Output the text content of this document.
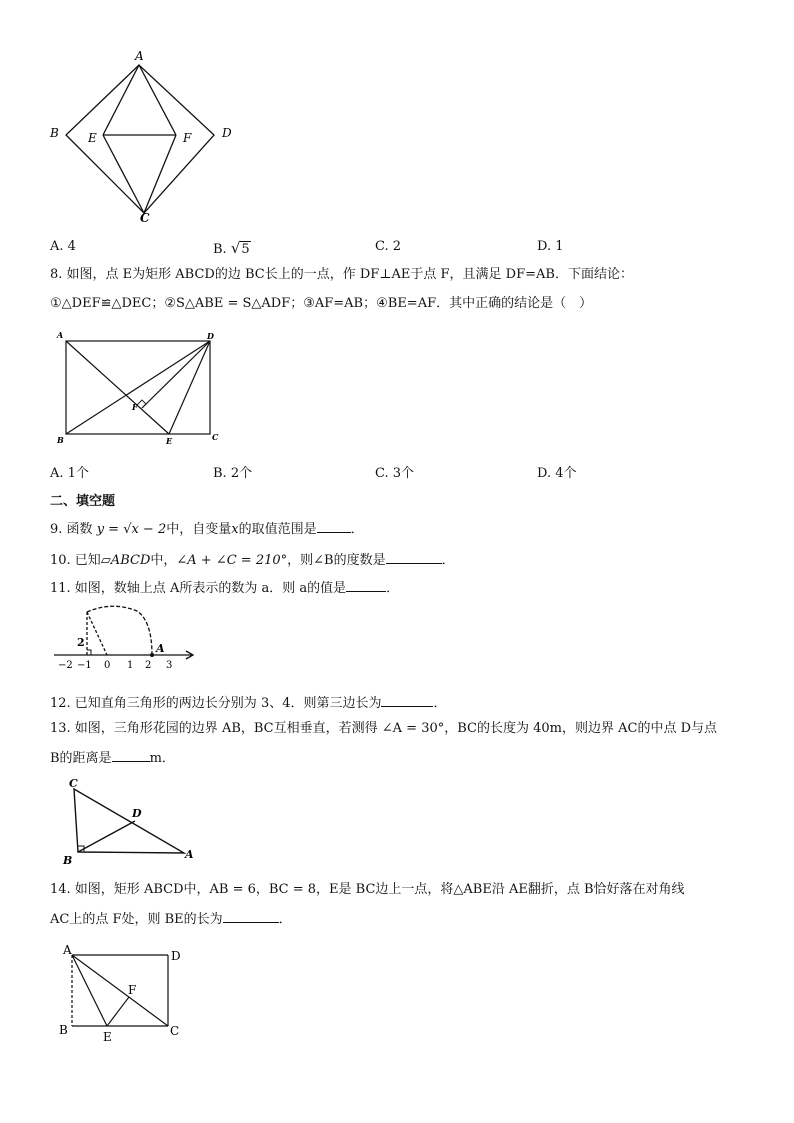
A
B
C
D
E	F
A. 4	B. √5	C. 2	D. 1
8. 如图，点 E为矩形 ABCD的边 BC长上的一点，作 DF⊥AE于点 F，且满足 DF=AB．下面结论：
①△DEF≌△DEC；②S△ABE = S△ADF；③AF=AB；④BE=AF．其中正确的结论是（　）
A	D
B	C
E
F
A. 1个	B. 2个	C. 3个	D. 4个
二、填空题
9. 函数 y = √x − 2中，自变量x的取值范围是	．
10. 已知▱ABCD中，∠A + ∠C = 210°，则∠B的度数是	．
11. 如图，数轴上点 A所表示的数为 a．则 a的值是	．
−2 −1 0 1 2 3
2	A
12. 已知直角三角形的两边长分别为 3、4．则第三边长为	．
13. 如图，三角形花园的边界 AB，BC互相垂直，若测得 ∠A = 30°，BC的长度为 40m，则边界 AC的中点 D与点
B的距离是	m．
C
D
B	A
14. 如图，矩形 ABCD中，AB = 6，BC = 8，E是 BC边上一点，将△ABE沿 AE翻折，点 B恰好落在对角线
AC上的点 F处，则 BE的长为	．
A	D
B	C
E
F
